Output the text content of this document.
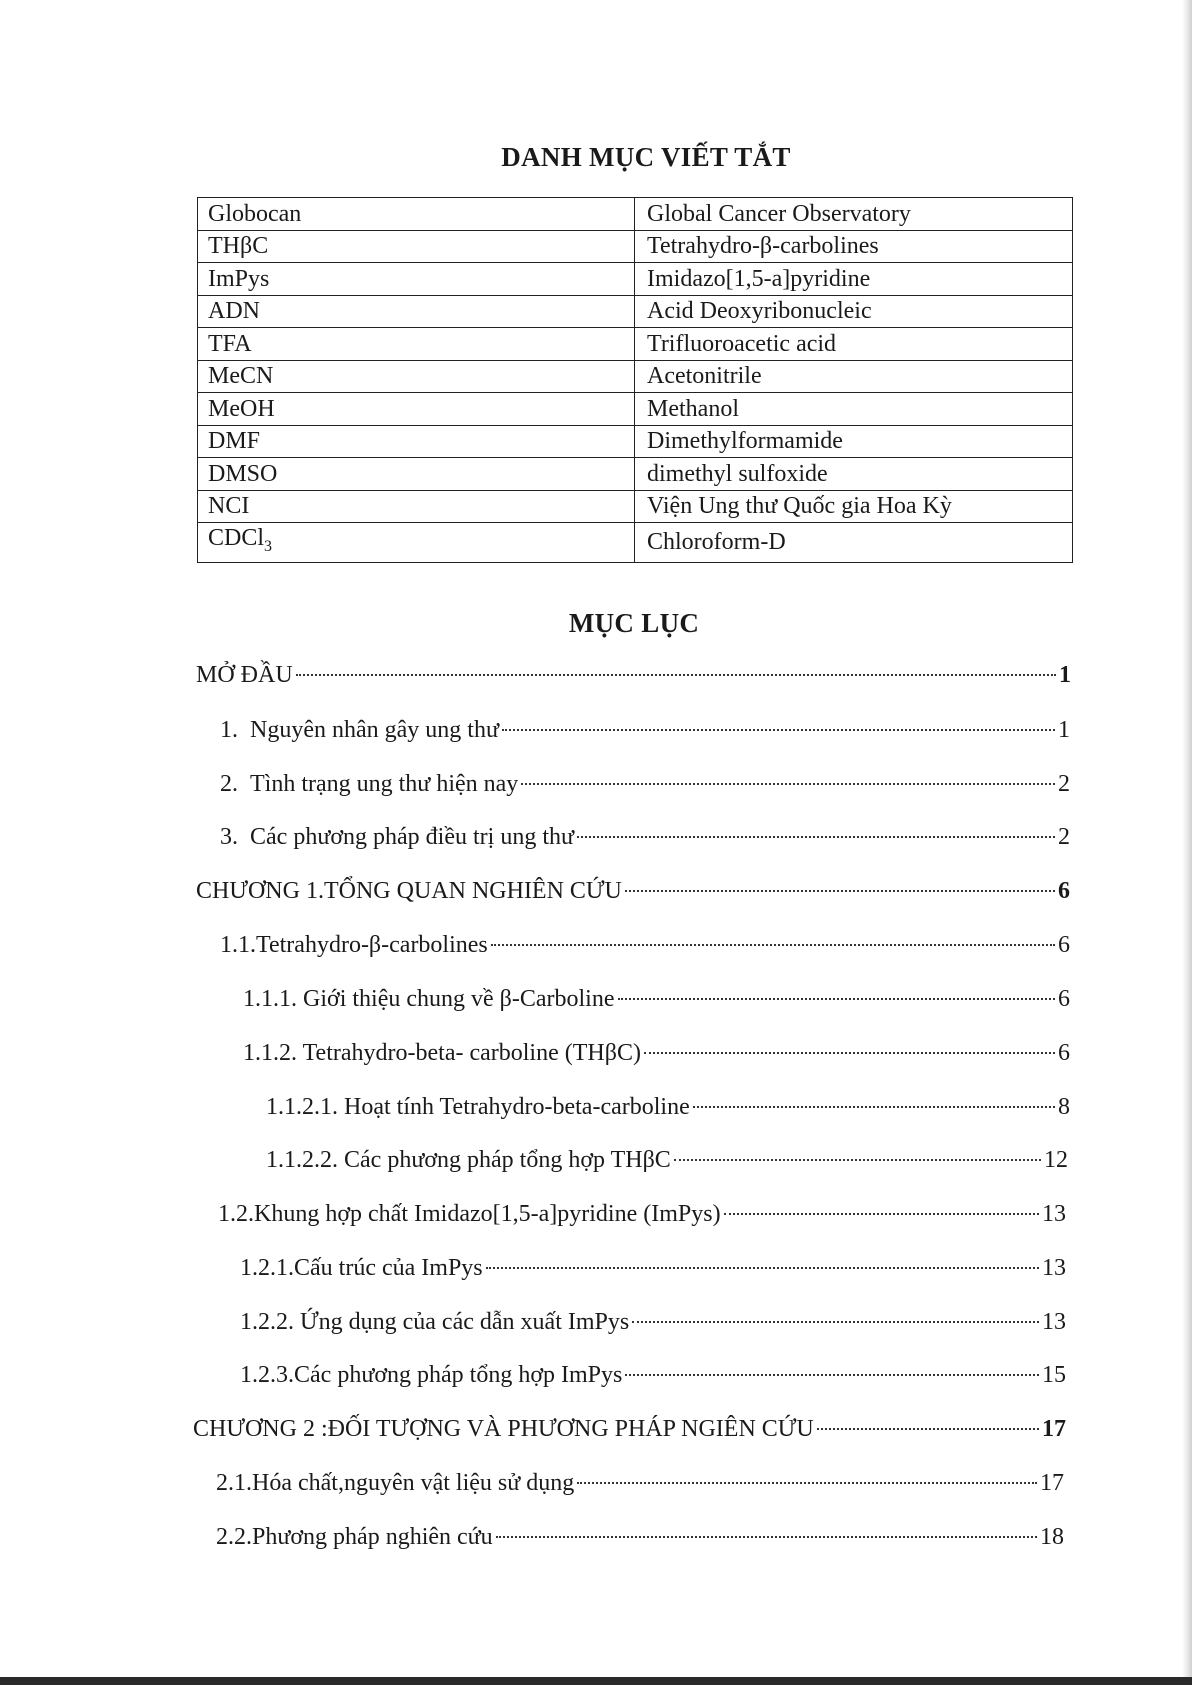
DANH MỤC VIẾT TẮT
Globocan	Global Cancer Observatory
THβC	Tetrahydro-β-carbolines
ImPys	Imidazo[1,5-a]pyridine
ADN	Acid Deoxyribonucleic
TFA	Trifluoroacetic acid
MeCN	Acetonitrile
MeOH	Methanol
DMF	Dimethylformamide
DMSO	dimethyl sulfoxide
NCI	Viện Ung thư Quốc gia Hoa Kỳ
CDCl$_3$	Chloroform-D
MỤC LỤC
MỞ ĐẦU	1
1. Nguyên nhân gây ung thư	1
2. Tình trạng ung thư hiện nay	2
3. Các phương pháp điều trị ung thư	2
CHƯƠNG 1.TỔNG QUAN NGHIÊN CỨU	6
1.1.Tetrahydro-β-carbolines	6
1.1.1. Giới thiệu chung về β-Carboline	6
1.1.2. Tetrahydro-beta- carboline (THβC)	6
1.1.2.1. Hoạt tính Tetrahydro-beta-carboline	8
1.1.2.2. Các phương pháp tổng hợp THβC	12
1.2.Khung hợp chất Imidazo[1,5-a]pyridine (ImPys)	13
1.2.1.Cấu trúc của ImPys	13
1.2.2. Ứng dụng của các dẫn xuất ImPys	13
1.2.3.Các phương pháp tổng hợp ImPys	15
CHƯƠNG 2 :ĐỐI TƯỢNG VÀ PHƯƠNG PHÁP NGIÊN CỨU	17
2.1.Hóa chất,nguyên vật liệu sử dụng	17
2.2.Phương pháp nghiên cứu	18
